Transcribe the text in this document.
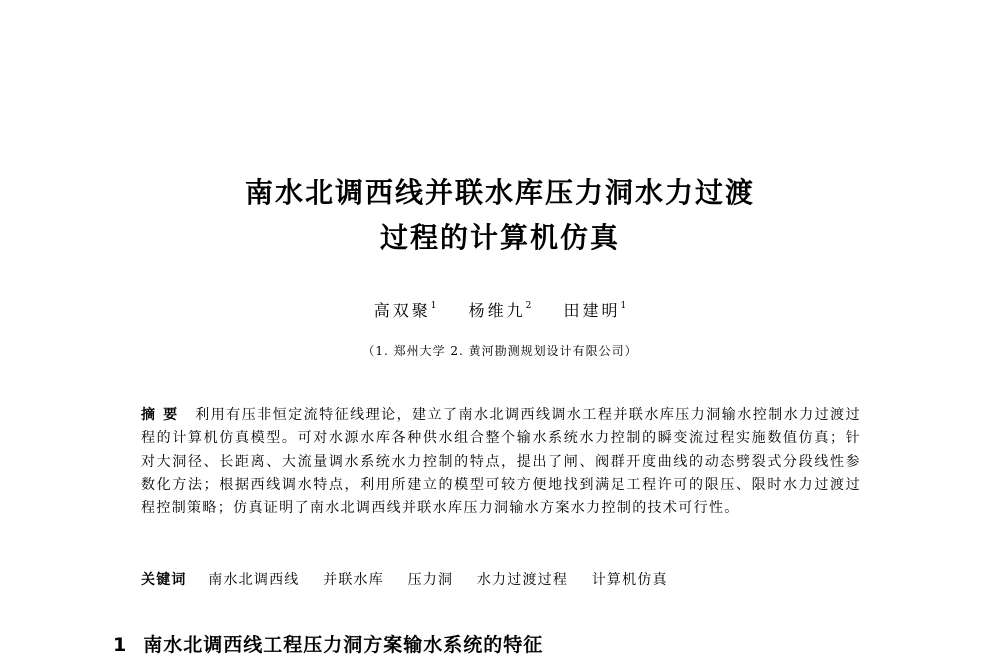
南水北调西线并联水库压力洞水力过渡
过程的计算机仿真
高双聚$^1$ 杨维九$^2$ 田建明$^1$
（1. 郑州大学 2. 黄河勘测规划设计有限公司）
摘要 利用有压非恒定流特征线理论，建立了南水北调西线调水工程并联水库压力洞输水控制水力过渡过程的计算机仿真模型。可对水源水库各种供水组合整个输水系统水力控制的瞬变流过程实施数值仿真；针对大洞径、长距离、大流量调水系统水力控制的特点，提出了闸、阀群开度曲线的动态劈裂式分段线性参数化方法；根据西线调水特点，利用所建立的模型可较方便地找到满足工程许可的限压、限时水力过渡过程控制策略；仿真证明了南水北调西线并联水库压力洞输水方案水力控制的技术可行性。
关键词 南水北调西线 并联水库 压力洞 水力过渡过程 计算机仿真
1 南水北调西线工程压力洞方案输水系统的特征
